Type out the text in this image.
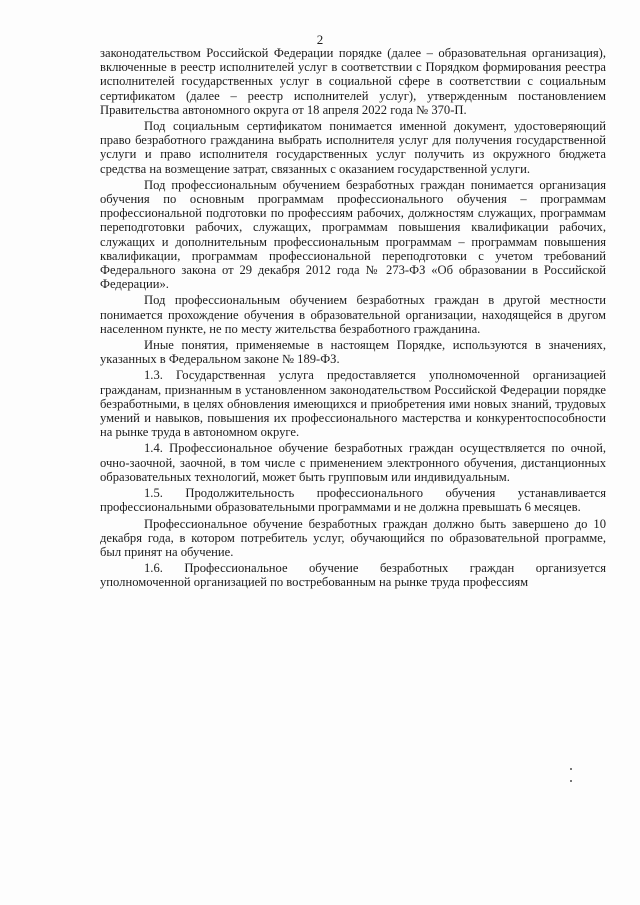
2

законодательством Российской Федерации порядке (далее – образовательная организация), включенные в реестр исполнителей услуг в соответствии с Порядком формирования реестра исполнителей государственных услуг в социальной сфере в соответствии с социальным сертификатом (далее – реестр исполнителей услуг), утвержденным постановлением Правительства автономного округа от 18 апреля 2022 года № 370-П.

Под социальным сертификатом понимается именной документ, удостоверяющий право безработного гражданина выбрать исполнителя услуг для получения государственной услуги и право исполнителя государственных услуг получить из окружного бюджета средства на возмещение затрат, связанных с оказанием государственной услуги.

Под профессиональным обучением безработных граждан понимается организация обучения по основным программам профессионального обучения – программам профессиональной подготовки по профессиям рабочих, должностям служащих, программам переподготовки рабочих, служащих, программам повышения квалификации рабочих, служащих и дополнительным профессиональным программам – программам повышения квалификации, программам профессиональной переподготовки с учетом требований Федерального закона от 29 декабря 2012 года № 273-ФЗ «Об образовании в Российской Федерации».

Под профессиональным обучением безработных граждан в другой местности понимается прохождение обучения в образовательной организации, находящейся в другом населенном пункте, не по месту жительства безработного гражданина.

Иные понятия, применяемые в настоящем Порядке, используются в значениях, указанных в Федеральном законе № 189-ФЗ.

1.3. Государственная услуга предоставляется уполномоченной организацией гражданам, признанным в установленном законодательством Российской Федерации порядке безработными, в целях обновления имеющихся и приобретения ими новых знаний, трудовых умений и навыков, повышения их профессионального мастерства и конкурентоспособности на рынке труда в автономном округе.

1.4. Профессиональное обучение безработных граждан осуществляется по очной, очно-заочной, заочной, в том числе с применением электронного обучения, дистанционных образовательных технологий, может быть групповым или индивидуальным.

1.5. Продолжительность профессионального обучения устанавливается профессиональными образовательными программами и не должна превышать 6 месяцев.

Профессиональное обучение безработных граждан должно быть завершено до 10 декабря года, в котором потребитель услуг, обучающийся по образовательной программе, был принят на обучение.

1.6. Профессиональное обучение безработных граждан организуется уполномоченной организацией по востребованным на рынке труда профессиям
